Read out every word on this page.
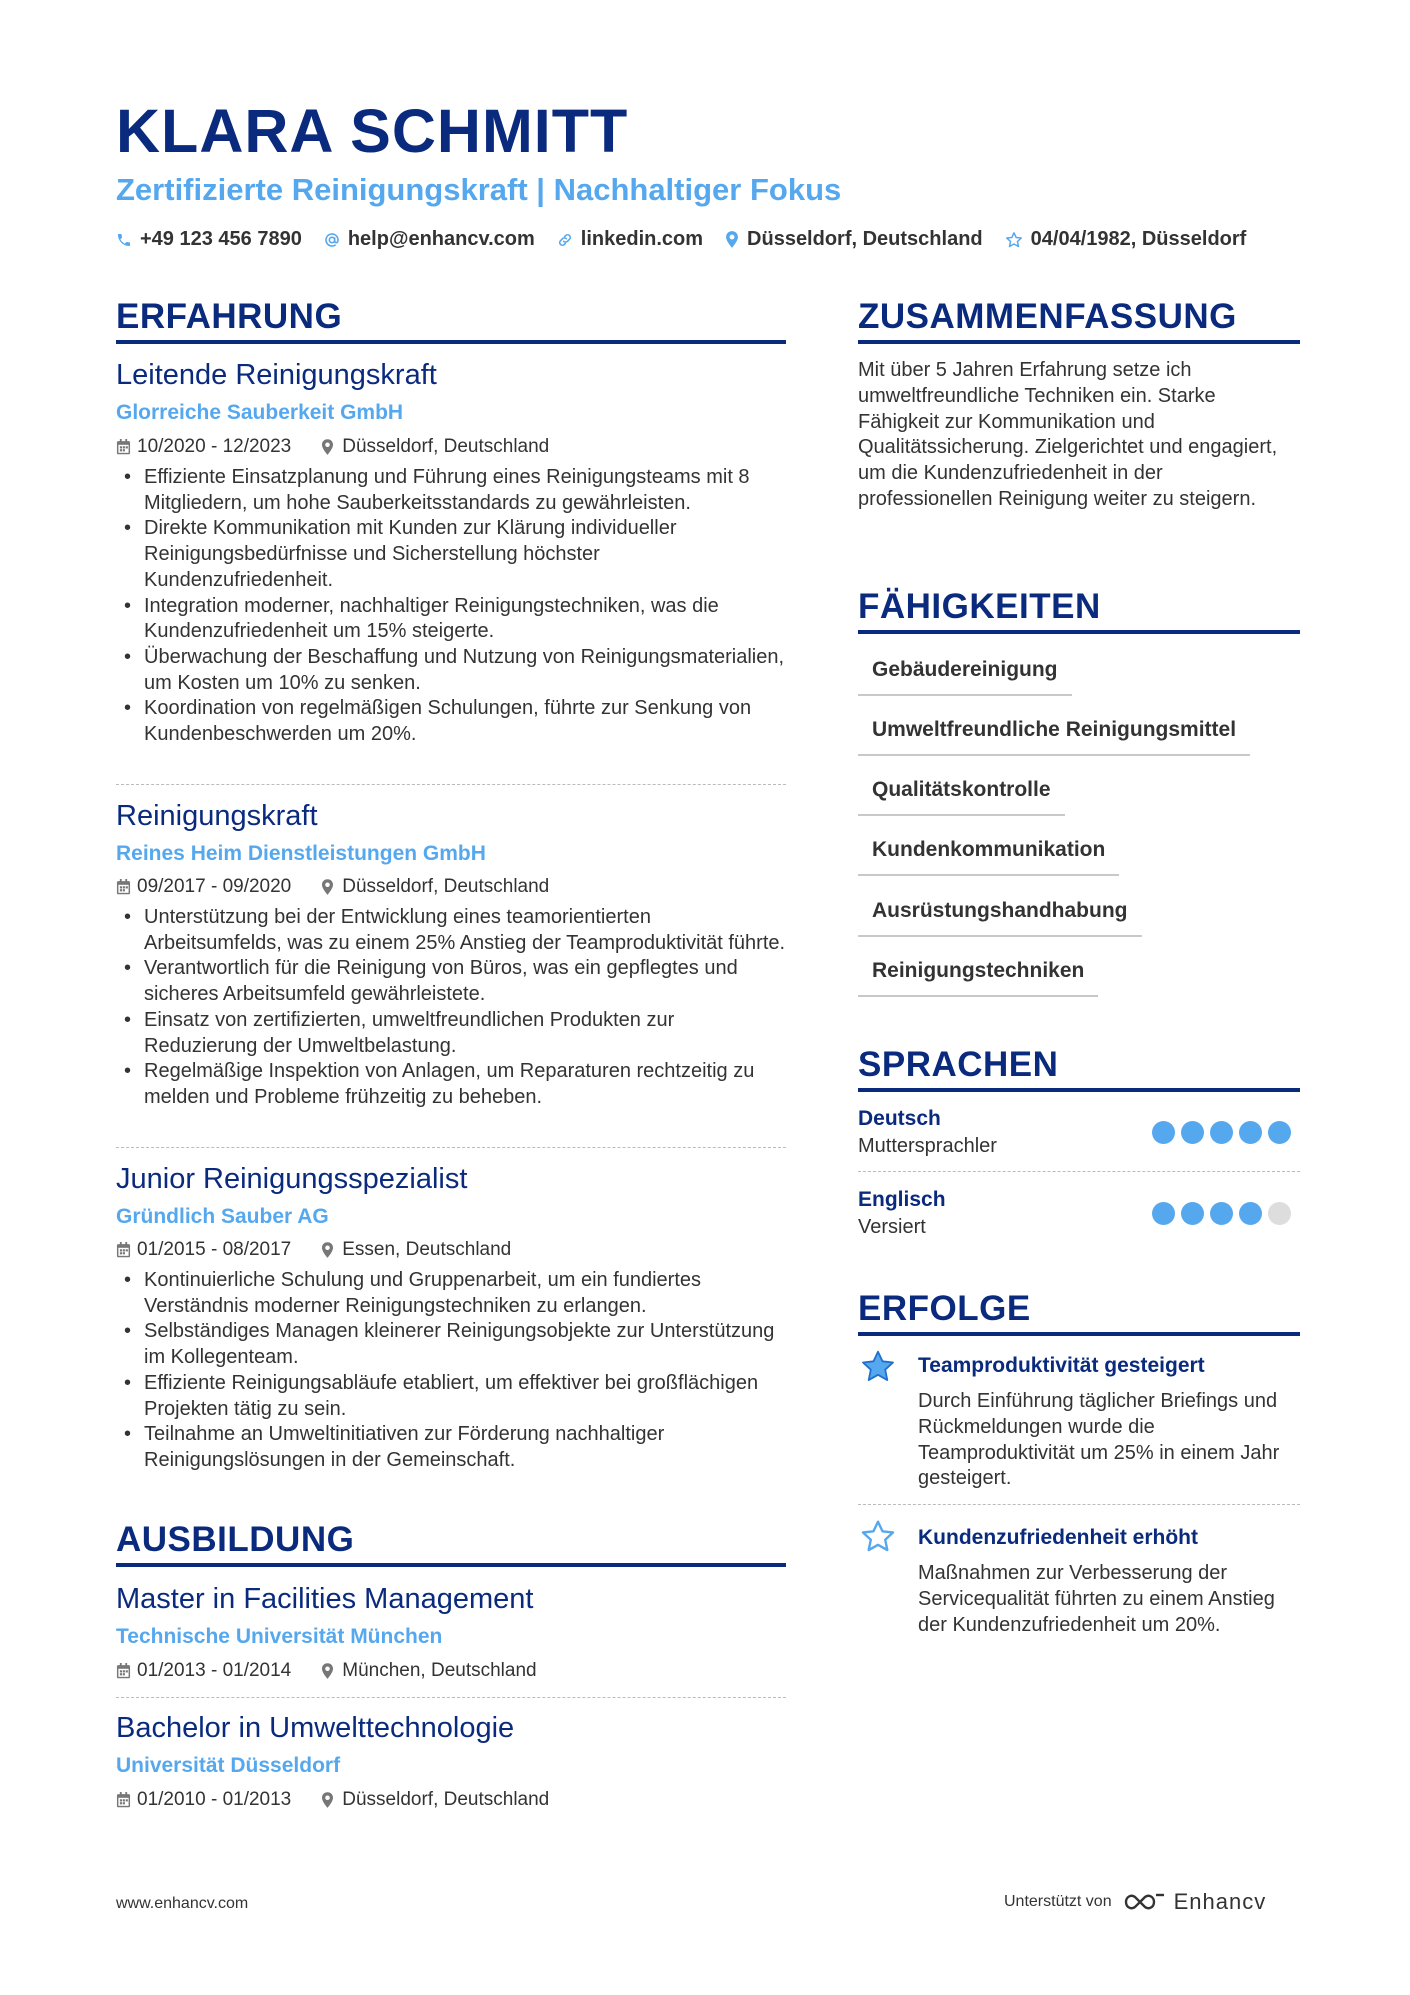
KLARA SCHMITT
Zertifizierte Reinigungskraft | Nachhaltiger Fokus
+49 123 456 7890 help@enhancv.com linkedin.com Düsseldorf, Deutschland 04/04/1982, Düsseldorf
ERFAHRUNG
Leitende Reinigungskraft
Glorreiche Sauberkeit GmbH
10/2020 - 12/2023	Düsseldorf, Deutschland
• Effiziente Einsatzplanung und Führung eines Reinigungsteams mit 8 Mitgliedern, um hohe Sauberkeitsstandards zu gewährleisten.
• Direkte Kommunikation mit Kunden zur Klärung individueller Reinigungsbedürfnisse und Sicherstellung höchster Kundenzufriedenheit.
• Integration moderner, nachhaltiger Reinigungstechniken, was die Kundenzufriedenheit um 15% steigerte.
• Überwachung der Beschaffung und Nutzung von Reinigungsmaterialien, um Kosten um 10% zu senken.
• Koordination von regelmäßigen Schulungen, führte zur Senkung von Kundenbeschwerden um 20%.
Reinigungskraft
Reines Heim Dienstleistungen GmbH
09/2017 - 09/2020	Düsseldorf, Deutschland
• Unterstützung bei der Entwicklung eines teamorientierten Arbeitsumfelds, was zu einem 25% Anstieg der Teamproduktivität führte.
• Verantwortlich für die Reinigung von Büros, was ein gepflegtes und sicheres Arbeitsumfeld gewährleistete.
• Einsatz von zertifizierten, umweltfreundlichen Produkten zur Reduzierung der Umweltbelastung.
• Regelmäßige Inspektion von Anlagen, um Reparaturen rechtzeitig zu melden und Probleme frühzeitig zu beheben.
Junior Reinigungsspezialist
Gründlich Sauber AG
01/2015 - 08/2017	Essen, Deutschland
• Kontinuierliche Schulung und Gruppenarbeit, um ein fundiertes Verständnis moderner Reinigungstechniken zu erlangen.
• Selbständiges Managen kleinerer Reinigungsobjekte zur Unterstützung im Kollegenteam.
• Effiziente Reinigungsabläufe etabliert, um effektiver bei großflächigen Projekten tätig zu sein.
• Teilnahme an Umweltinitiativen zur Förderung nachhaltiger Reinigungslösungen in der Gemeinschaft.
AUSBILDUNG
Master in Facilities Management
Technische Universität München
01/2013 - 01/2014	München, Deutschland
Bachelor in Umwelttechnologie
Universität Düsseldorf
01/2010 - 01/2013	Düsseldorf, Deutschland
ZUSAMMENFASSUNG

Mit über 5 Jahren Erfahrung setze ich umweltfreundliche Techniken ein. Starke Fähigkeit zur Kommunikation und Qualitätssicherung. Zielgerichtet und engagiert, um die Kundenzufriedenheit in der professionellen Reinigung weiter zu steigern.

FÄHIGKEITEN
Gebäudereinigung
Umweltfreundliche Reinigungsmittel
Qualitätskontrolle
Kundenkommunikation
Ausrüstungshandhabung
Reinigungstechniken
SPRACHEN
Deutsch
Muttersprachler
Englisch
Versiert
ERFOLGE
Teamproduktivität gesteigert

Durch Einführung täglicher Briefings und Rückmeldungen wurde die Teamproduktivität um 25% in einem Jahr gesteigert.

Kundenzufriedenheit erhöht

Maßnahmen zur Verbesserung der Servicequalität führten zu einem Anstieg der Kundenzufriedenheit um 20%.

www.enhancv.com	Unterstützt von	Enhancv
